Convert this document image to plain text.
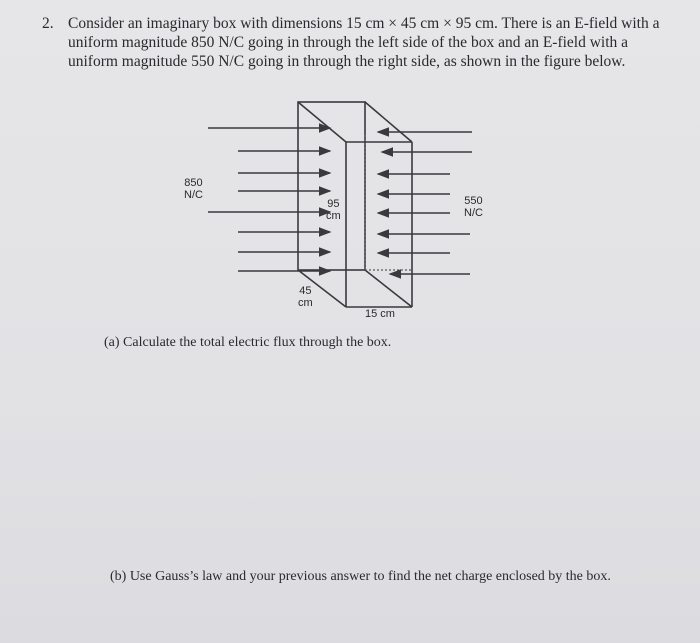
2. Consider an imaginary box with dimensions 15 cm × 45 cm × 95 cm. There is an E-field with a uniform magnitude 850 N/C going in through the left side of the box and an E-field with a uniform magnitude 550 N/C going in through the right side, as shown in the figure below.
850
N/C	550
N/C
95
cm
45
cm
15 cm
(a) Calculate the total electric flux through the box.
(b) Use Gauss’s law and your previous answer to find the net charge enclosed by the box.
